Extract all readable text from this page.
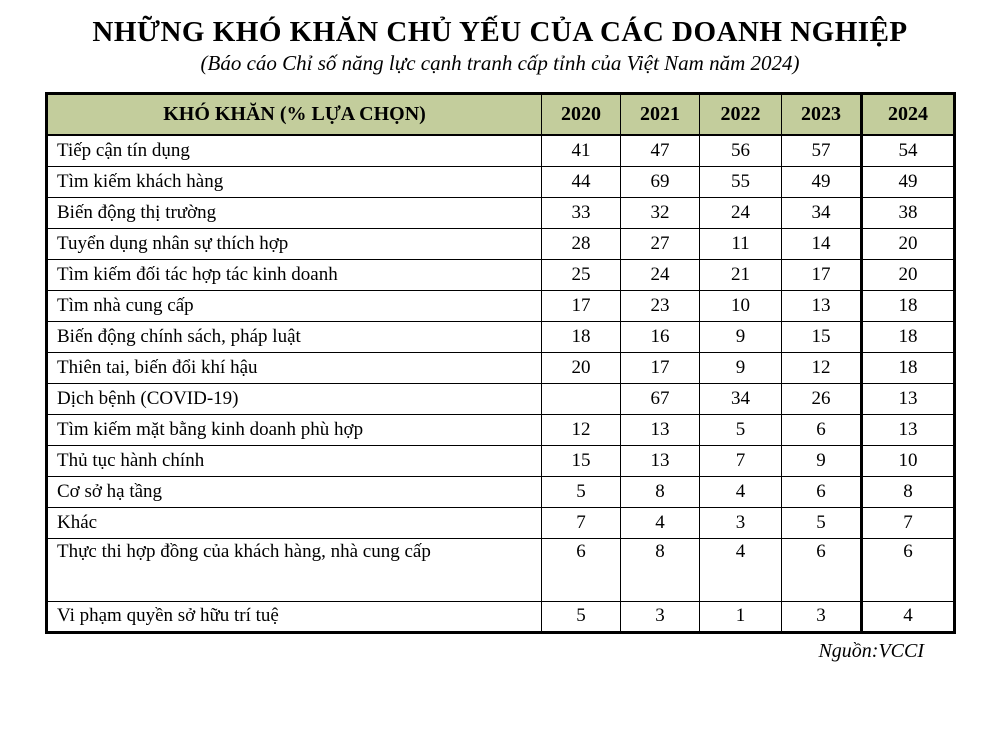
NHỮNG KHÓ KHĂN CHỦ YẾU CỦA CÁC DOANH NGHIỆP
(Báo cáo Chỉ số năng lực cạnh tranh cấp tỉnh của Việt Nam năm 2024)
KHÓ KHĂN (% LỰA CHỌN)	2020	2021	2022	2023	2024
Tiếp cận tín dụng	41	47	56	57	54
Tìm kiếm khách hàng	44	69	55	49	49
Biến động thị trường	33	32	24	34	38
Tuyển dụng nhân sự thích hợp	28	27	11	14	20
Tìm kiếm đối tác hợp tác kinh doanh	25	24	21	17	20
Tìm nhà cung cấp	17	23	10	13	18
Biến động chính sách, pháp luật	18	16	9	15	18
Thiên tai, biến đổi khí hậu	20	17	9	12	18
Dịch bệnh (COVID-19)		67	34	26	13
Tìm kiếm mặt bằng kinh doanh phù hợp	12	13	5	6	13
Thủ tục hành chính	15	13	7	9	10
Cơ sở hạ tầng	5	8	4	6	8
Khác	7	4	3	5	7
Thực thi hợp đồng của khách hàng, nhà cung cấp	6	8	4	6	6
Vi phạm quyền sở hữu trí tuệ	5	3	1	3	4
Nguồn:VCCI
